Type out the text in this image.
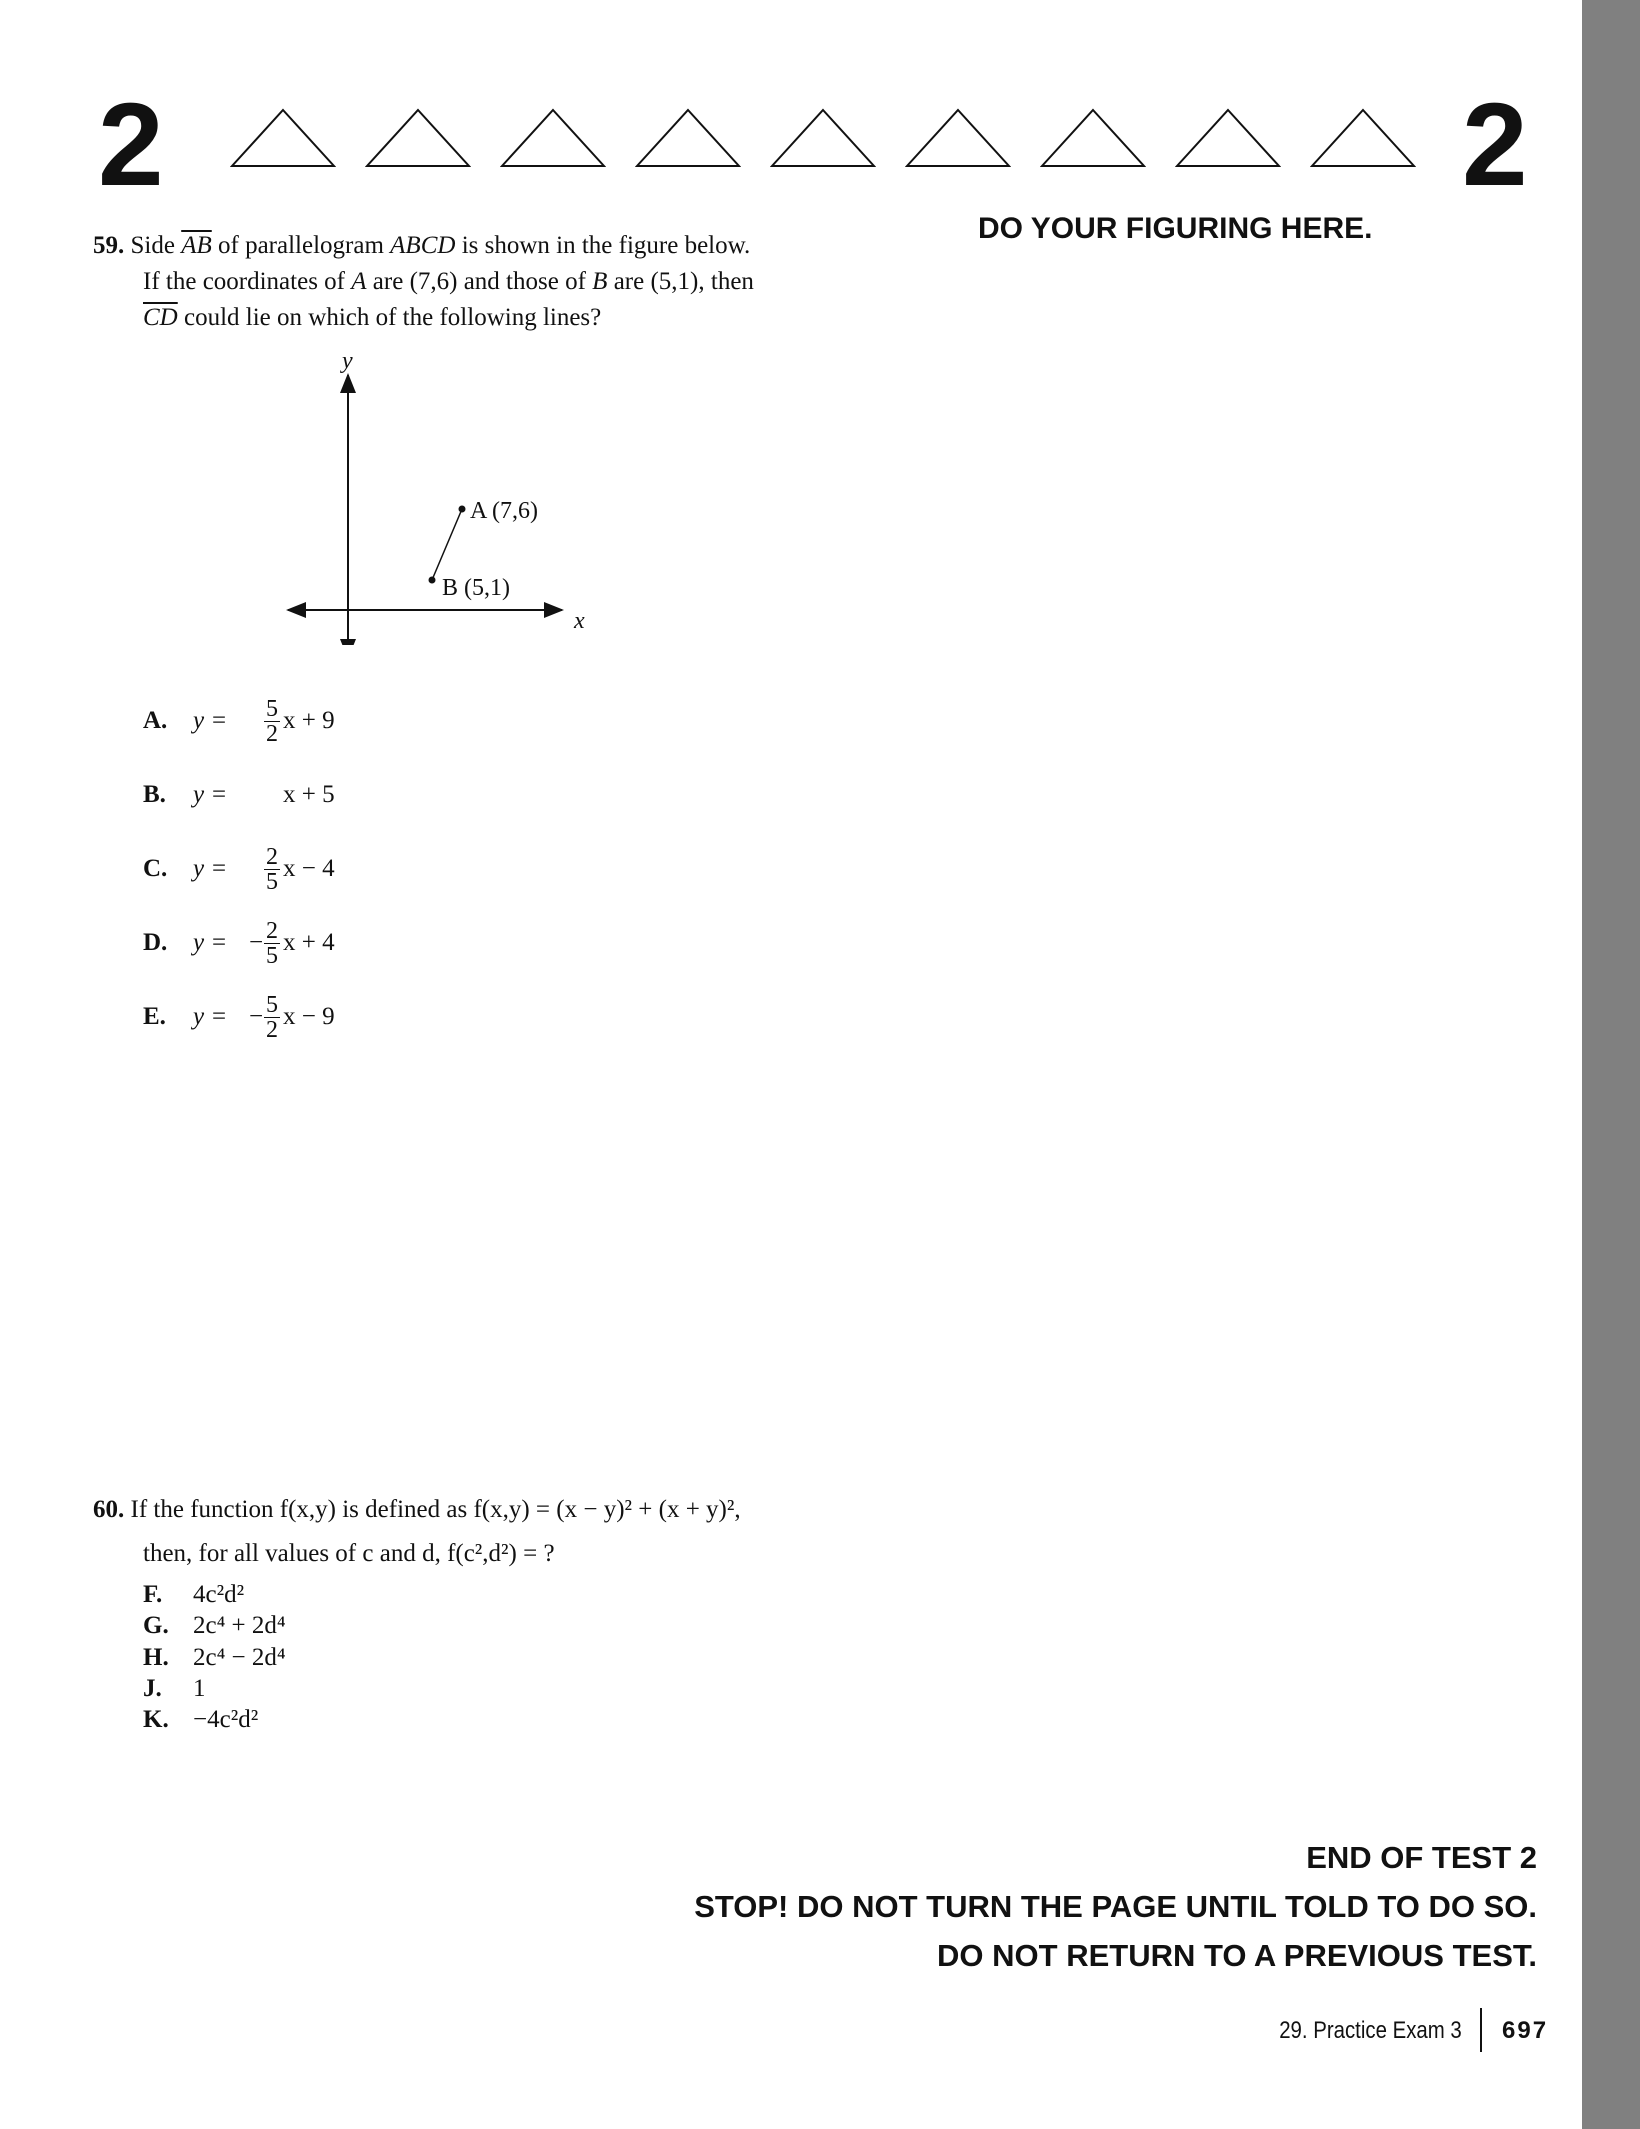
2	2
DO YOUR FIGURING HERE.
59. Side $\overline{AB}$ of parallelogram ABCD is shown in the figure below.
If the coordinates of A are (7,6) and those of B are (5,1), then
$\overline{CD}$ could lie on which of the following lines?
y
x
A (7,6)
B (5,1)
A.	y =	$\frac{5}{2}$ x + 9
B.	y =	x + 5
C.	y =	$\frac{2}{5}$ x − 4
D.	y = − $\frac{2}{5}$ x + 4
E.	y = − $\frac{5}{2}$ x − 9
60. If the function f(x,y) is defined as f(x,y) = (x − y)² + (x + y)²,
then, for all values of c and d, f(c²,d²) = ?
F.	4c²d²
G. 2c⁴ + 2d⁴
H. 2c⁴ − 2d⁴
J.	1
K. −4c²d²
END OF TEST 2
STOP! DO NOT TURN THE PAGE UNTIL TOLD TO DO SO.
DO NOT RETURN TO A PREVIOUS TEST.
29. Practice Exam 3 697
